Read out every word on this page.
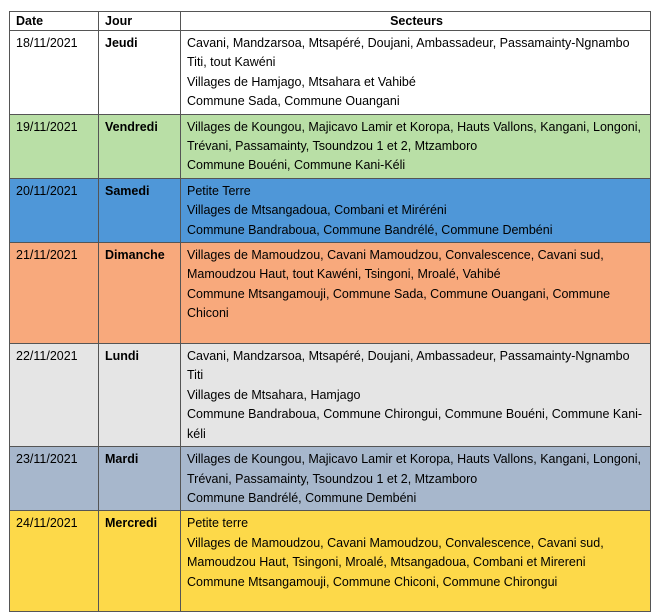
Date	Jour	Secteurs
18/11/2021	Jeudi	Cavani, Mandzarsoa, Mtsapéré, Doujani, Ambassadeur, Passamainty-Ngnambo Titi, tout Kawéni
Villages de Hamjago, Mtsahara et Vahibé
Commune Sada, Commune Ouangani
19/11/2021	Vendredi	Villages de Koungou, Majicavo Lamir et Koropa, Hauts Vallons, Kangani, Longoni, Trévani, Passamainty, Tsoundzou 1 et 2, Mtzamboro
Commune Bouéni, Commune Kani-Kéli
20/11/2021	Samedi	Petite Terre
Villages de Mtsangadoua, Combani et Miréréni
Commune Bandraboua, Commune Bandrélé, Commune Dembéni
21/11/2021	Dimanche	Villages de Mamoudzou, Cavani Mamoudzou, Convalescence, Cavani sud, Mamoudzou Haut, tout Kawéni, Tsingoni, Mroalé, Vahibé
Commune Mtsangamouji, Commune Sada, Commune Ouangani, Commune Chiconi
22/11/2021	Lundi	Cavani, Mandzarsoa, Mtsapéré, Doujani, Ambassadeur, Passamainty-Ngnambo Titi
Villages de Mtsahara, Hamjago
Commune Bandraboua, Commune Chirongui, Commune Bouéni, Commune Kani-kéli
23/11/2021	Mardi	Villages de Koungou, Majicavo Lamir et Koropa, Hauts Vallons, Kangani, Longoni, Trévani, Passamainty, Tsoundzou 1 et 2, Mtzamboro
Commune Bandrélé, Commune Dembéni
24/11/2021	Mercredi	Petite terre
Villages de Mamoudzou, Cavani Mamoudzou, Convalescence, Cavani sud, Mamoudzou Haut, Tsingoni, Mroalé, Mtsangadoua, Combani et Mirereni
Commune Mtsangamouji, Commune Chiconi, Commune Chirongui
